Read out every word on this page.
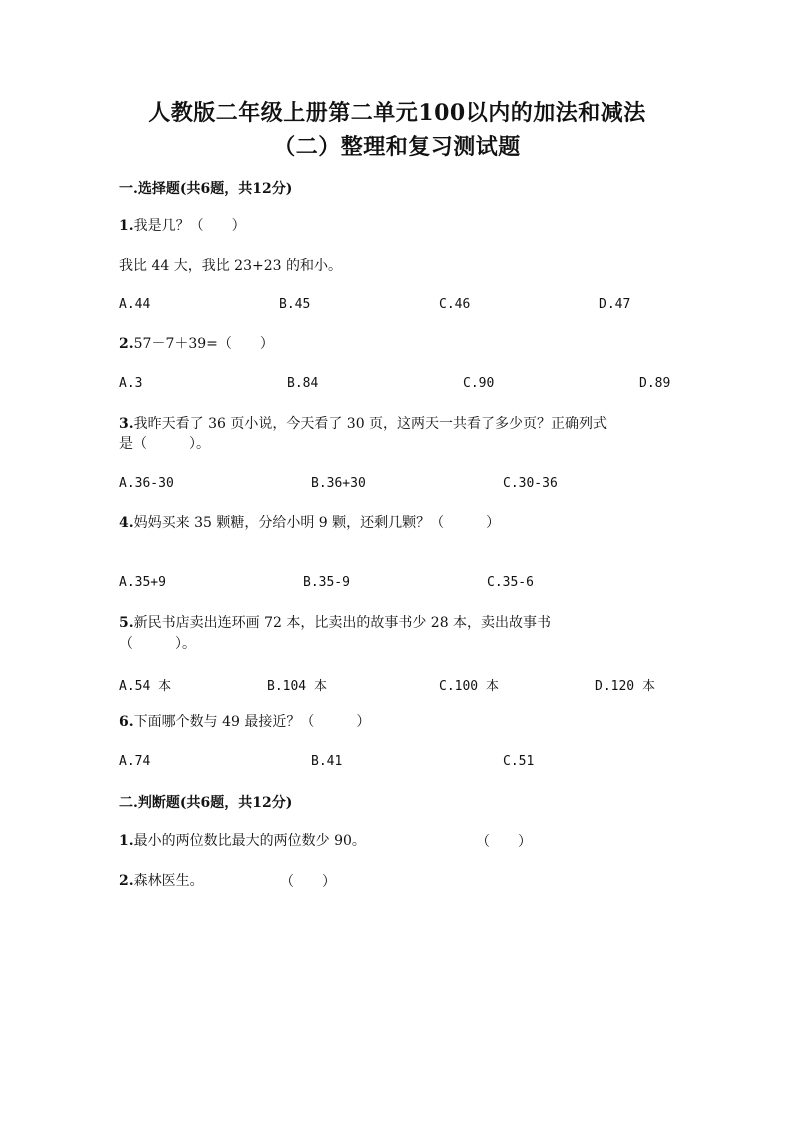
人教版二年级上册第二单元100以内的加法和减法
（二）整理和复习测试题
一.选择题(共6题，共12分)
1.我是几？（　　）
我比 44 大，我比 23+23 的和小。
A.44	B.45	C.46	D.47
2.57－7＋39=（　　）
A.3	B.84	C.90	D.89
3.我昨天看了 36 页小说，今天看了 30 页，这两天一共看了多少页？正确列式
是（　　　）。
A.36-30	B.36+30	C.30-36
4.妈妈买来 35 颗糖，分给小明 9 颗，还剩几颗？（　　　）
A.35+9	B.35-9	C.35-6
5.新民书店卖出连环画 72 本，比卖出的故事书少 28 本，卖出故事书
（　　　）。
A.54 本	B.104 本	C.100 本	D.120 本
6.下面哪个数与 49 最接近？（　　　）
A.74	B.41	C.51
二.判断题(共6题，共12分)
1.最小的两位数比最大的两位数少 90。	（　　）
2.森林医生。	（　　）
